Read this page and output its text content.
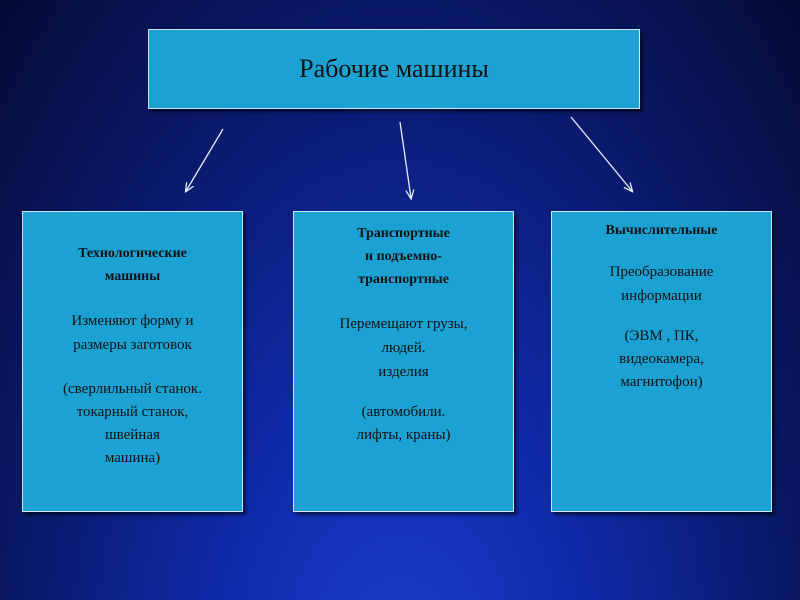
Рабочие машины
Технологические
машины
Изменяют форму и
размеры заготовок
(сверлильный станок.
токарный станок,
швейная
машина)
Транспортные
и подъемно-
транспортные
Перемещают грузы,
людей.
изделия
(автомобили.
лифты, краны)
Вычислительные
Преобразование
информации
(ЭВМ , ПК,
видеокамера,
магнитофон)
